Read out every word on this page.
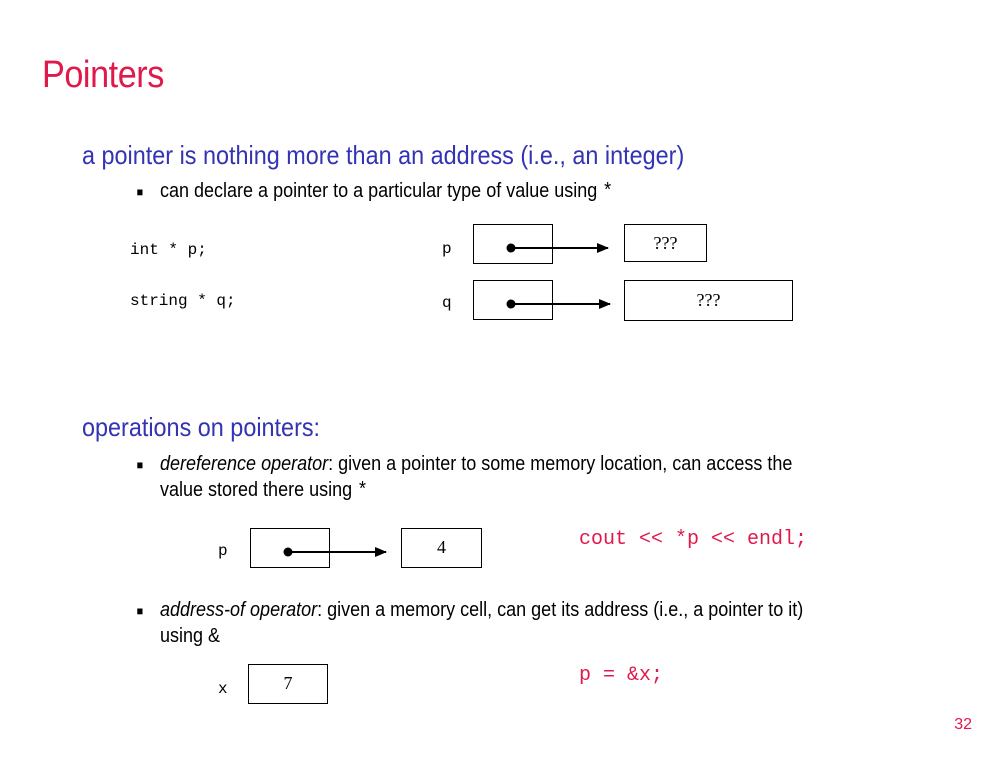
Pointers
a pointer is nothing more than an address (i.e., an integer)
■ can declare a pointer to a particular type of value using *
int * p;
string * q;
p
q
???
???
operations on pointers:
■ dereference operator: given a pointer to some memory location, can access the
value stored there using *
p	4	cout << *p << endl;
■ address-of operator: given a memory cell, can get its address (i.e., a pointer to it)
using &
x	7	p = &x;
32
